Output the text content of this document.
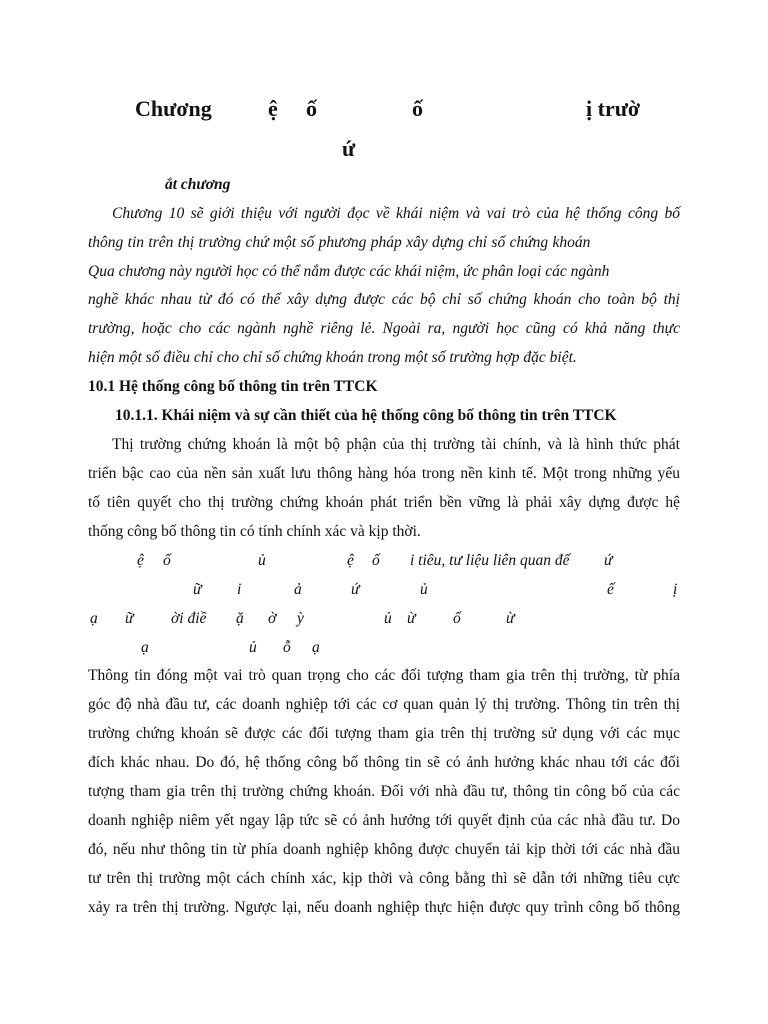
Chương	ệ ố	ố	ị trườ
ứ
ắt chương
Chương 10 sẽ giới thiệu với người đọc về khái niệm và vai trò của hệ thống công bố
thông tin trên thị trường chứ một số phương pháp xây dựng chỉ số chứng khoán
Qua chương này người học có thể nắm được các khái niệm, ức phân loại các ngành
nghề khác nhau từ đó có thể xây dựng được các bộ chỉ số chứng khoán cho toàn bộ thị
trường, hoặc cho các ngành nghề riêng lẻ. Ngoài ra, người học cũng có khả năng thực
hiện một số điều chỉ cho chỉ số chứng khoán trong một số trường hợp đặc biệt.
10.1 Hệ thống công bố thông tin trên TTCK
10.1.1. Khái niệm và sự cần thiết của hệ thống công bố thông tin trên TTCK
Thị trường chứng khoán là một bộ phận của thị trường tài chính, và là hình thức phát
triển bậc cao của nền sản xuất lưu thông hàng hóa trong nền kinh tế. Một trong những yếu
tố tiên quyết cho thị trường chứng khoán phát triển bền vững là phải xây dựng được hệ
thống công bố thông tin có tính chính xác và kịp thời.
ệ ố	ủ	ệ ố i tiêu, tư liệu liên quan đế ứ
ữ i	ả	ứ	ủ	ế	ị
ạ ữ ời điề ặ ờ ỳ	ủ ừ ố	ừ
ạ	ủ ỗ ạ
Thông tin đóng một vai trò quan trọng cho các đối tượng tham gia trên thị trường, từ phía
góc độ nhà đầu tư, các doanh nghiệp tới các cơ quan quản lý thị trường. Thông tin trên thị
trường chứng khoán sẽ được các đối tượng tham gia trên thị trường sử dụng với các mục
đích khác nhau. Do đó, hệ thống công bố thông tin sẽ có ảnh hưởng khác nhau tới các đối
tượng tham gia trên thị trường chứng khoán. Đối với nhà đầu tư, thông tin công bố của các
doanh nghiệp niêm yết ngay lập tức sẽ có ảnh hưởng tới quyết định của các nhà đầu tư. Do
đó, nếu như thông tin từ phía doanh nghiệp không được chuyển tải kịp thời tới các nhà đầu
tư trên thị trường một cách chính xác, kịp thời và công bằng thì sẽ dẫn tới những tiêu cực
xảy ra trên thị trường. Ngược lại, nếu doanh nghiệp thực hiện được quy trình công bố thông
